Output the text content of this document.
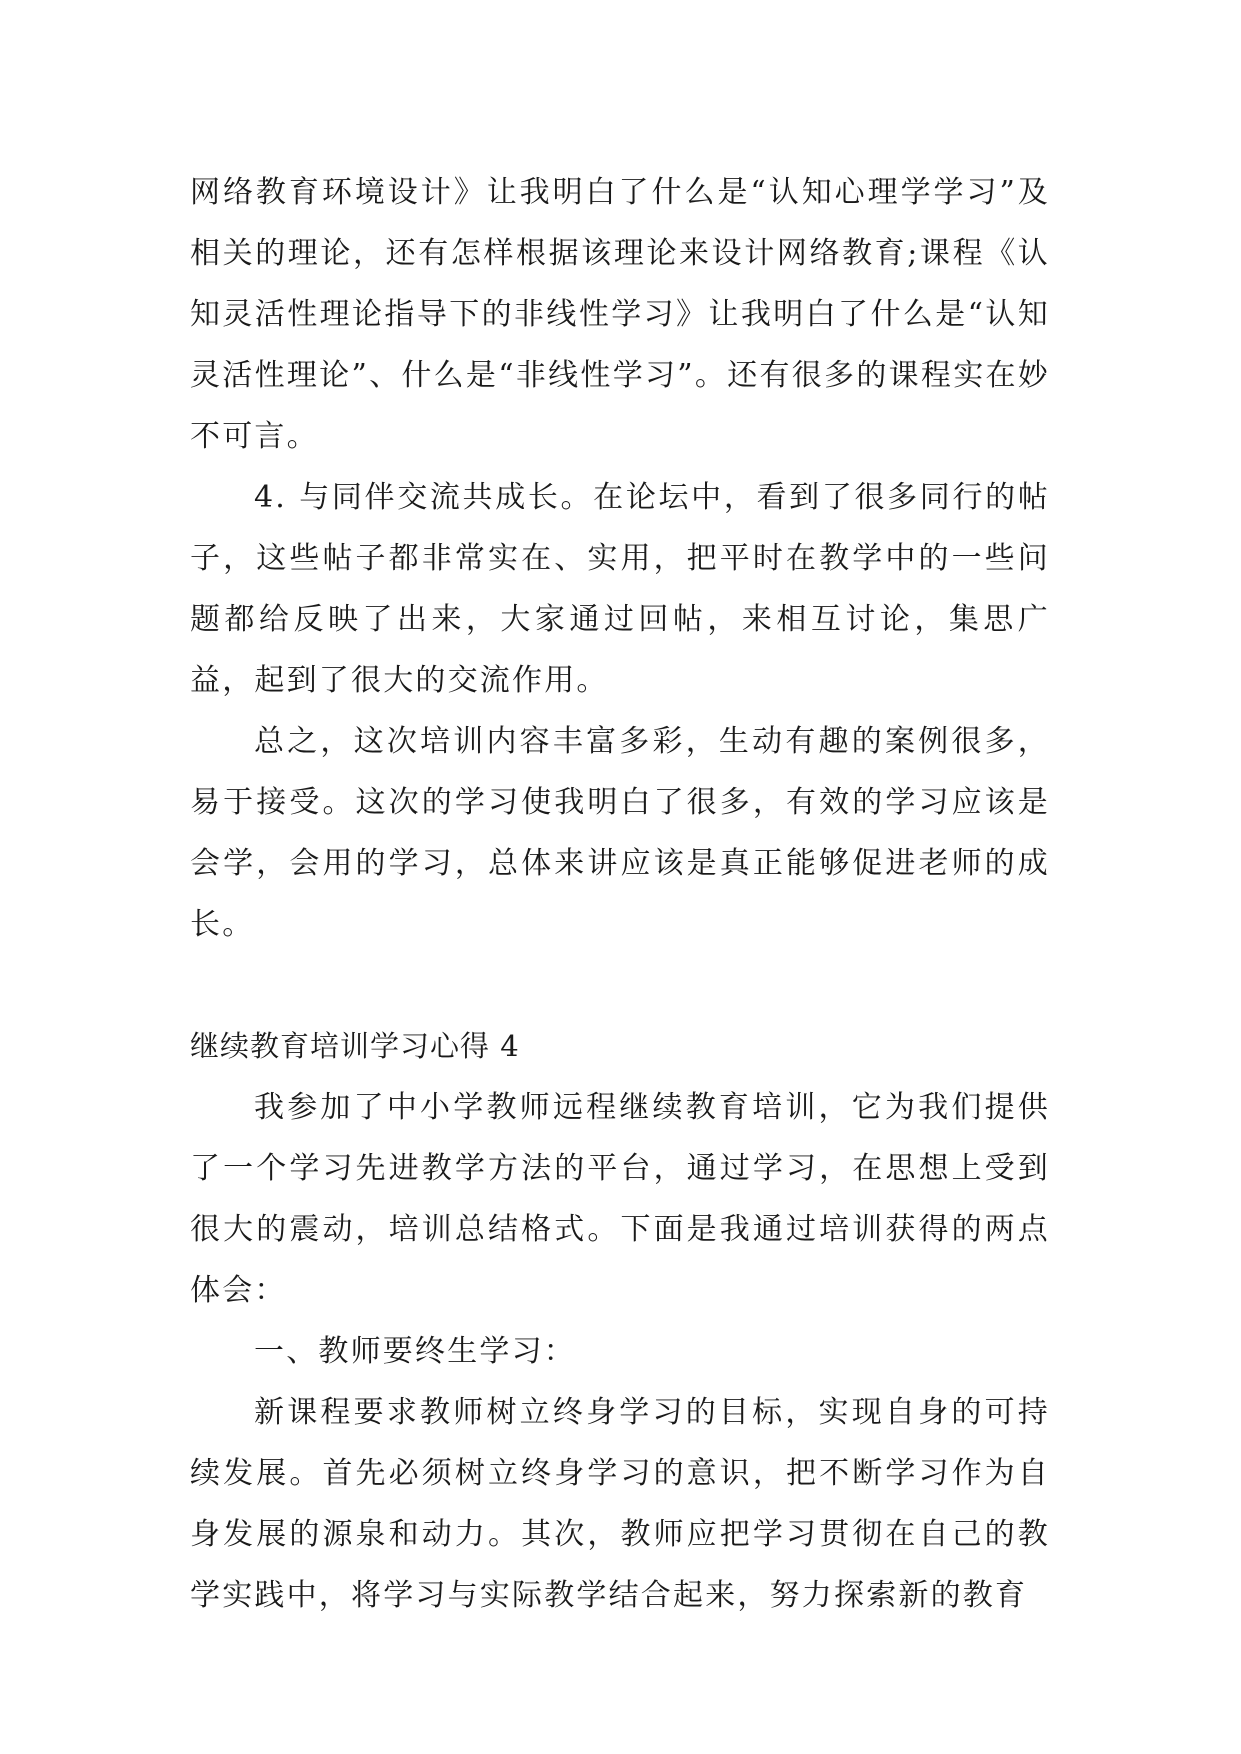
网络教育环境设计》让我明白了什么是“认知心理学学习”及相关的理论，还有怎样根据该理论来设计网络教育;课程《认知灵活性理论指导下的非线性学习》让我明白了什么是“认知灵活性理论”、什么是“非线性学习”。还有很多的课程实在妙不可言。

4. 与同伴交流共成长。在论坛中，看到了很多同行的帖子，这些帖子都非常实在、实用，把平时在教学中的一些问题都给反映了出来，大家通过回帖，来相互讨论，集思广益，起到了很大的交流作用。

总之，这次培训内容丰富多彩，生动有趣的案例很多，易于接受。这次的学习使我明白了很多，有效的学习应该是会学，会用的学习，总体来讲应该是真正能够促进老师的成长。

继续教育培训学习心得 4

我参加了中小学教师远程继续教育培训，它为我们提供了一个学习先进教学方法的平台，通过学习，在思想上受到很大的震动，培训总结格式。下面是我通过培训获得的两点体会：

一、教师要终生学习：

新课程要求教师树立终身学习的目标，实现自身的可持续发展。首先必须树立终身学习的意识，把不断学习作为自身发展的源泉和动力。其次，教师应把学习贯彻在自己的教学实践中，将学习与实际教学结合起来，努力探索新的教育
